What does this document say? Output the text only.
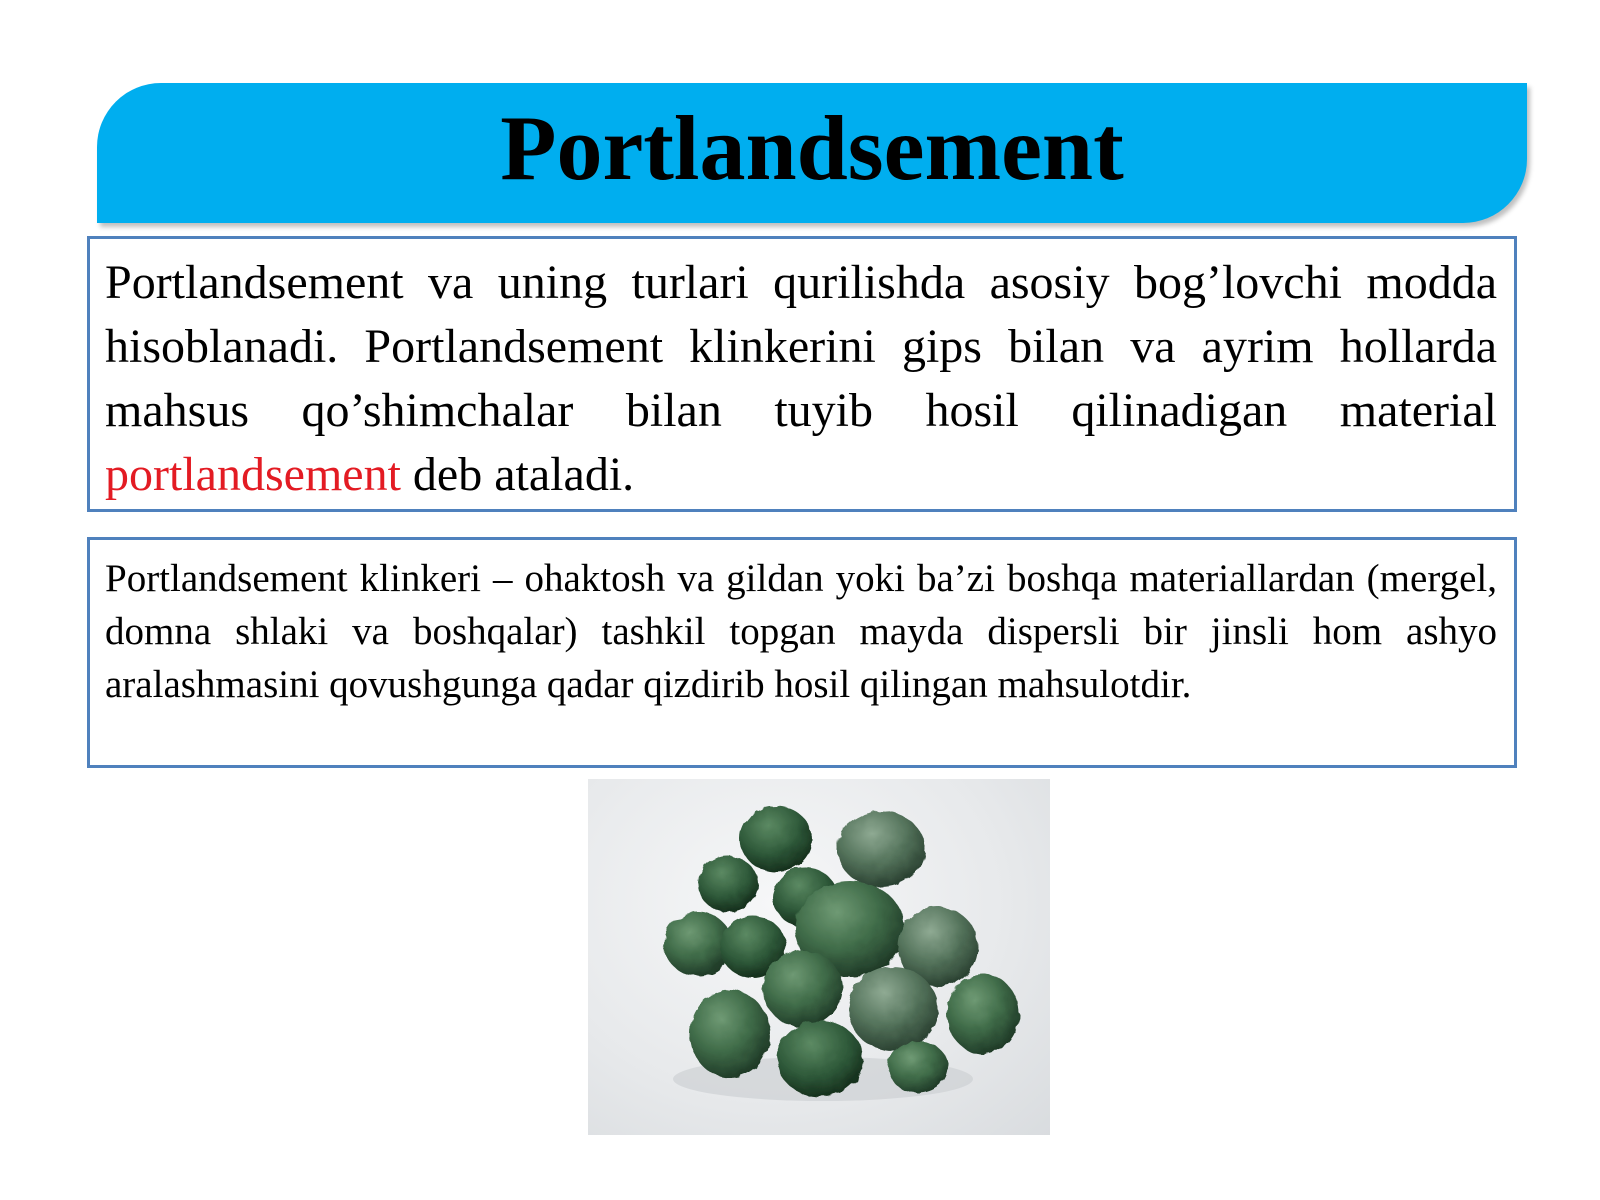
Portlandsement

Portlandsement va uning turlari qurilishda asosiy bog’lovchi modda hisoblanadi. Portlandsement klinkerini gips bilan va ayrim hollarda mahsus qo’shimchalar bilan tuyib hosil qilinadigan material portlandsement deb ataladi.

Portlandsement klinkeri – ohaktosh va gildan yoki ba’zi boshqa materiallardan (mergel, domna shlaki va boshqalar) tashkil topgan mayda dispersli bir jinsli hom ashyo aralashmasini qovushgunga qadar qizdirib hosil qilingan mahsulotdir.
